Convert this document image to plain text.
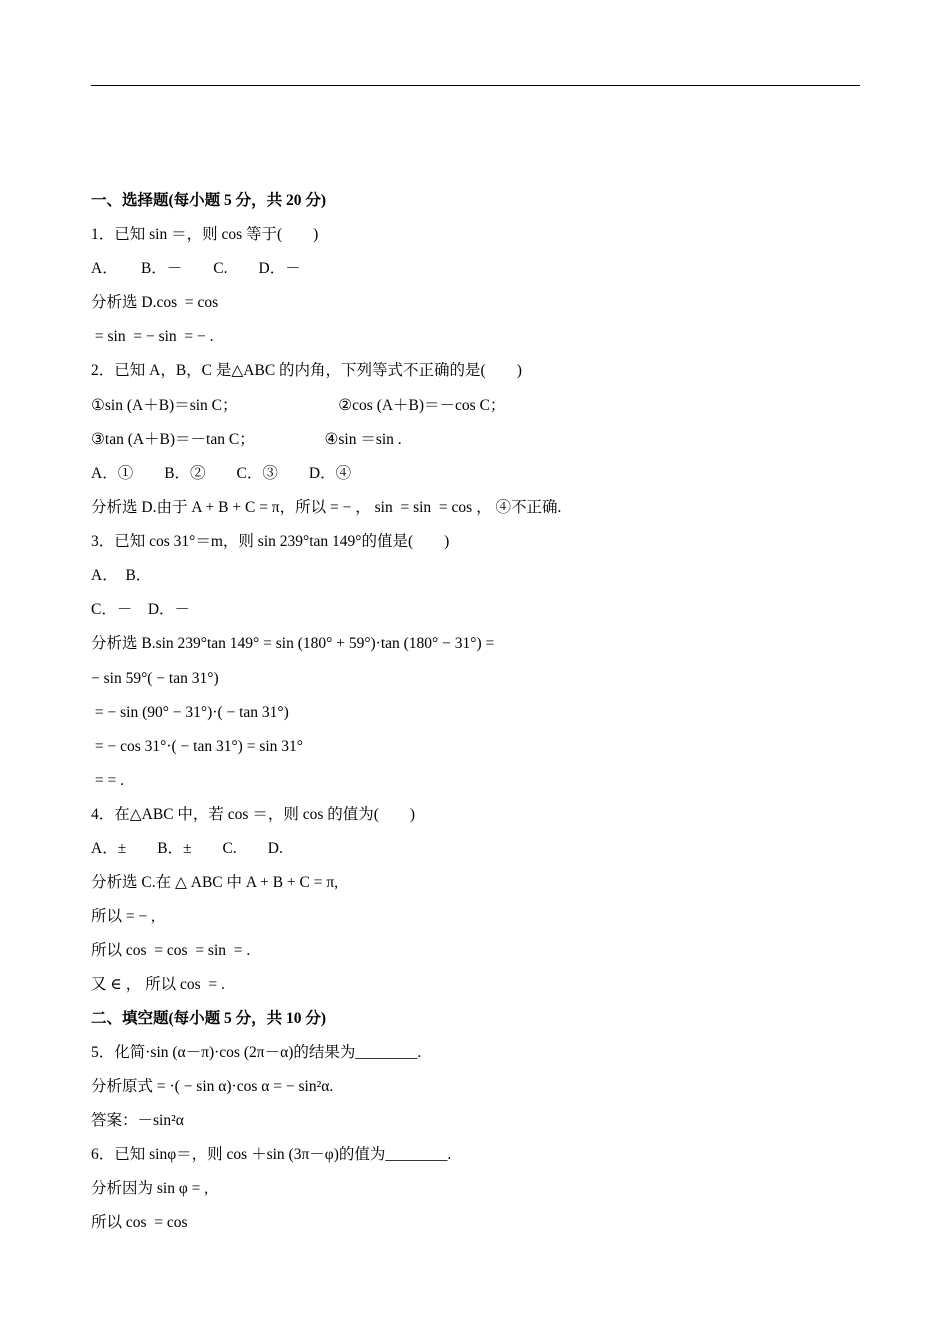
一、选择题(每小题 5 分，共 20 分)
1．已知 sin ＝，则 cos 等于(　　)
A．　　B．－　　C.　　D．－
分析选 D.cos  = cos
= sin  = − sin  = − .
2．已知 A，B，C 是△ABC 的内角，下列等式不正确的是(　　)
①sin (A＋B)＝sin C；　　　　　　　②cos (A＋B)＝－cos C；
③tan (A＋B)＝－tan C；　　　　　④sin ＝sin .
A．①　　B．②　　C．③　　D．④
分析选 D.由于 A + B + C = π，所以 = − ， sin  = sin  = cos ， ④不正确.
3．已知 cos 31°＝m，则 sin 239°tan 149°的值是(　　)
A．　B．
C．－　D．－
分析选 B.sin 239°tan 149° = sin (180° + 59°)·tan (180° − 31°) =
− sin 59°( − tan 31°)
= − sin (90° − 31°)·( − tan 31°)
= − cos 31°·( − tan 31°) = sin 31°
= = .
4．在△ABC 中，若 cos ＝，则 cos 的值为(　　)
A．±　　B．±　　C.　　D.
分析选 C.在 △ ABC 中 A + B + C = π,
所以 = − ,
所以 cos  = cos  = sin  = .
又 ∈ ， 所以 cos  = .
二、填空题(每小题 5 分，共 10 分)
5．化简·sin (α－π)·cos (2π－α)的结果为________.
分析原式 = ·( − sin α)·cos α = − sin²α.
答案：－sin²α
6．已知 sinφ＝，则 cos ＋sin (3π－φ)的值为________.
分析因为 sin φ = ,
所以 cos  = cos
